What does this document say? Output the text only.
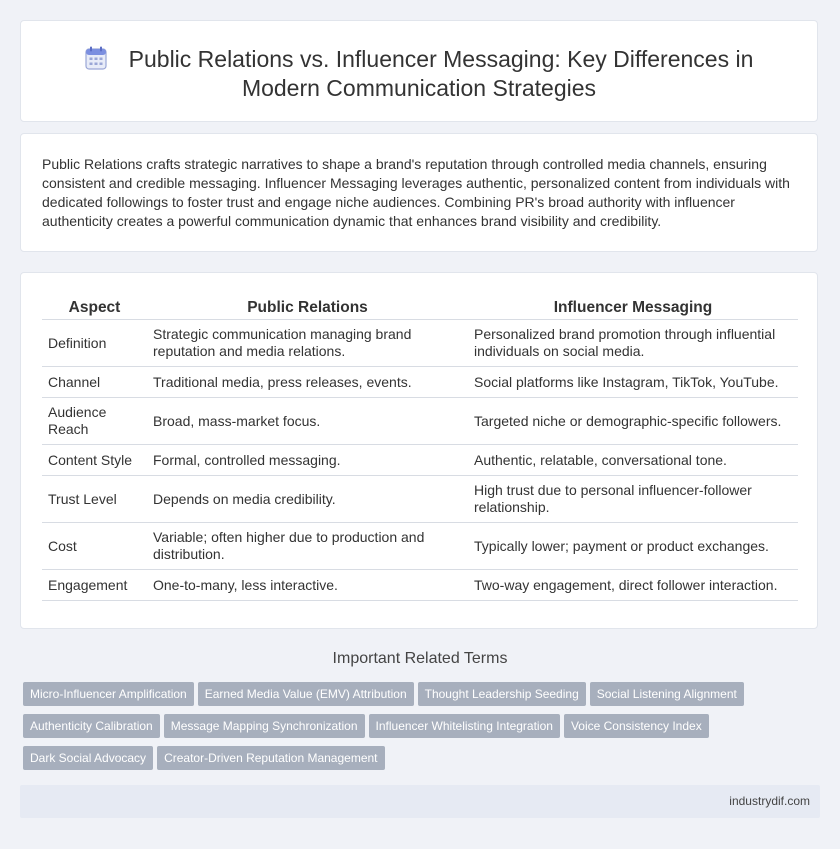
Public Relations vs. Influencer Messaging: Key Differences in Modern Communication Strategies

Public Relations crafts strategic narratives to shape a brand's reputation through controlled media channels, ensuring consistent and credible messaging. Influencer Messaging leverages authentic, personalized content from individuals with dedicated followings to foster trust and engage niche audiences. Combining PR's broad authority with influencer authenticity creates a powerful communication dynamic that enhances brand visibility and credibility.

Aspect	Public Relations	Influencer Messaging
Definition	Strategic communication managing brand reputation and media relations.	Personalized brand promotion through influential individuals on social media.
Channel	Traditional media, press releases, events.	Social platforms like Instagram, TikTok, YouTube.
Audience Reach	Broad, mass-market focus.	Targeted niche or demographic-specific followers.
Content Style	Formal, controlled messaging.	Authentic, relatable, conversational tone.
Trust Level	Depends on media credibility.	High trust due to personal influencer-follower relationship.
Cost	Variable; often higher due to production and distribution.	Typically lower; payment or product exchanges.
Engagement	One-to-many, less interactive.	Two-way engagement, direct follower interaction.
Important Related Terms
Micro-Influencer Amplification Earned Media Value (EMV) Attribution Thought Leadership Seeding Social Listening AlignmentAuthenticity Calibration Message Mapping Synchronization Influencer Whitelisting Integration Voice Consistency IndexDark Social Advocacy Creator-Driven Reputation Management
industrydif.com
